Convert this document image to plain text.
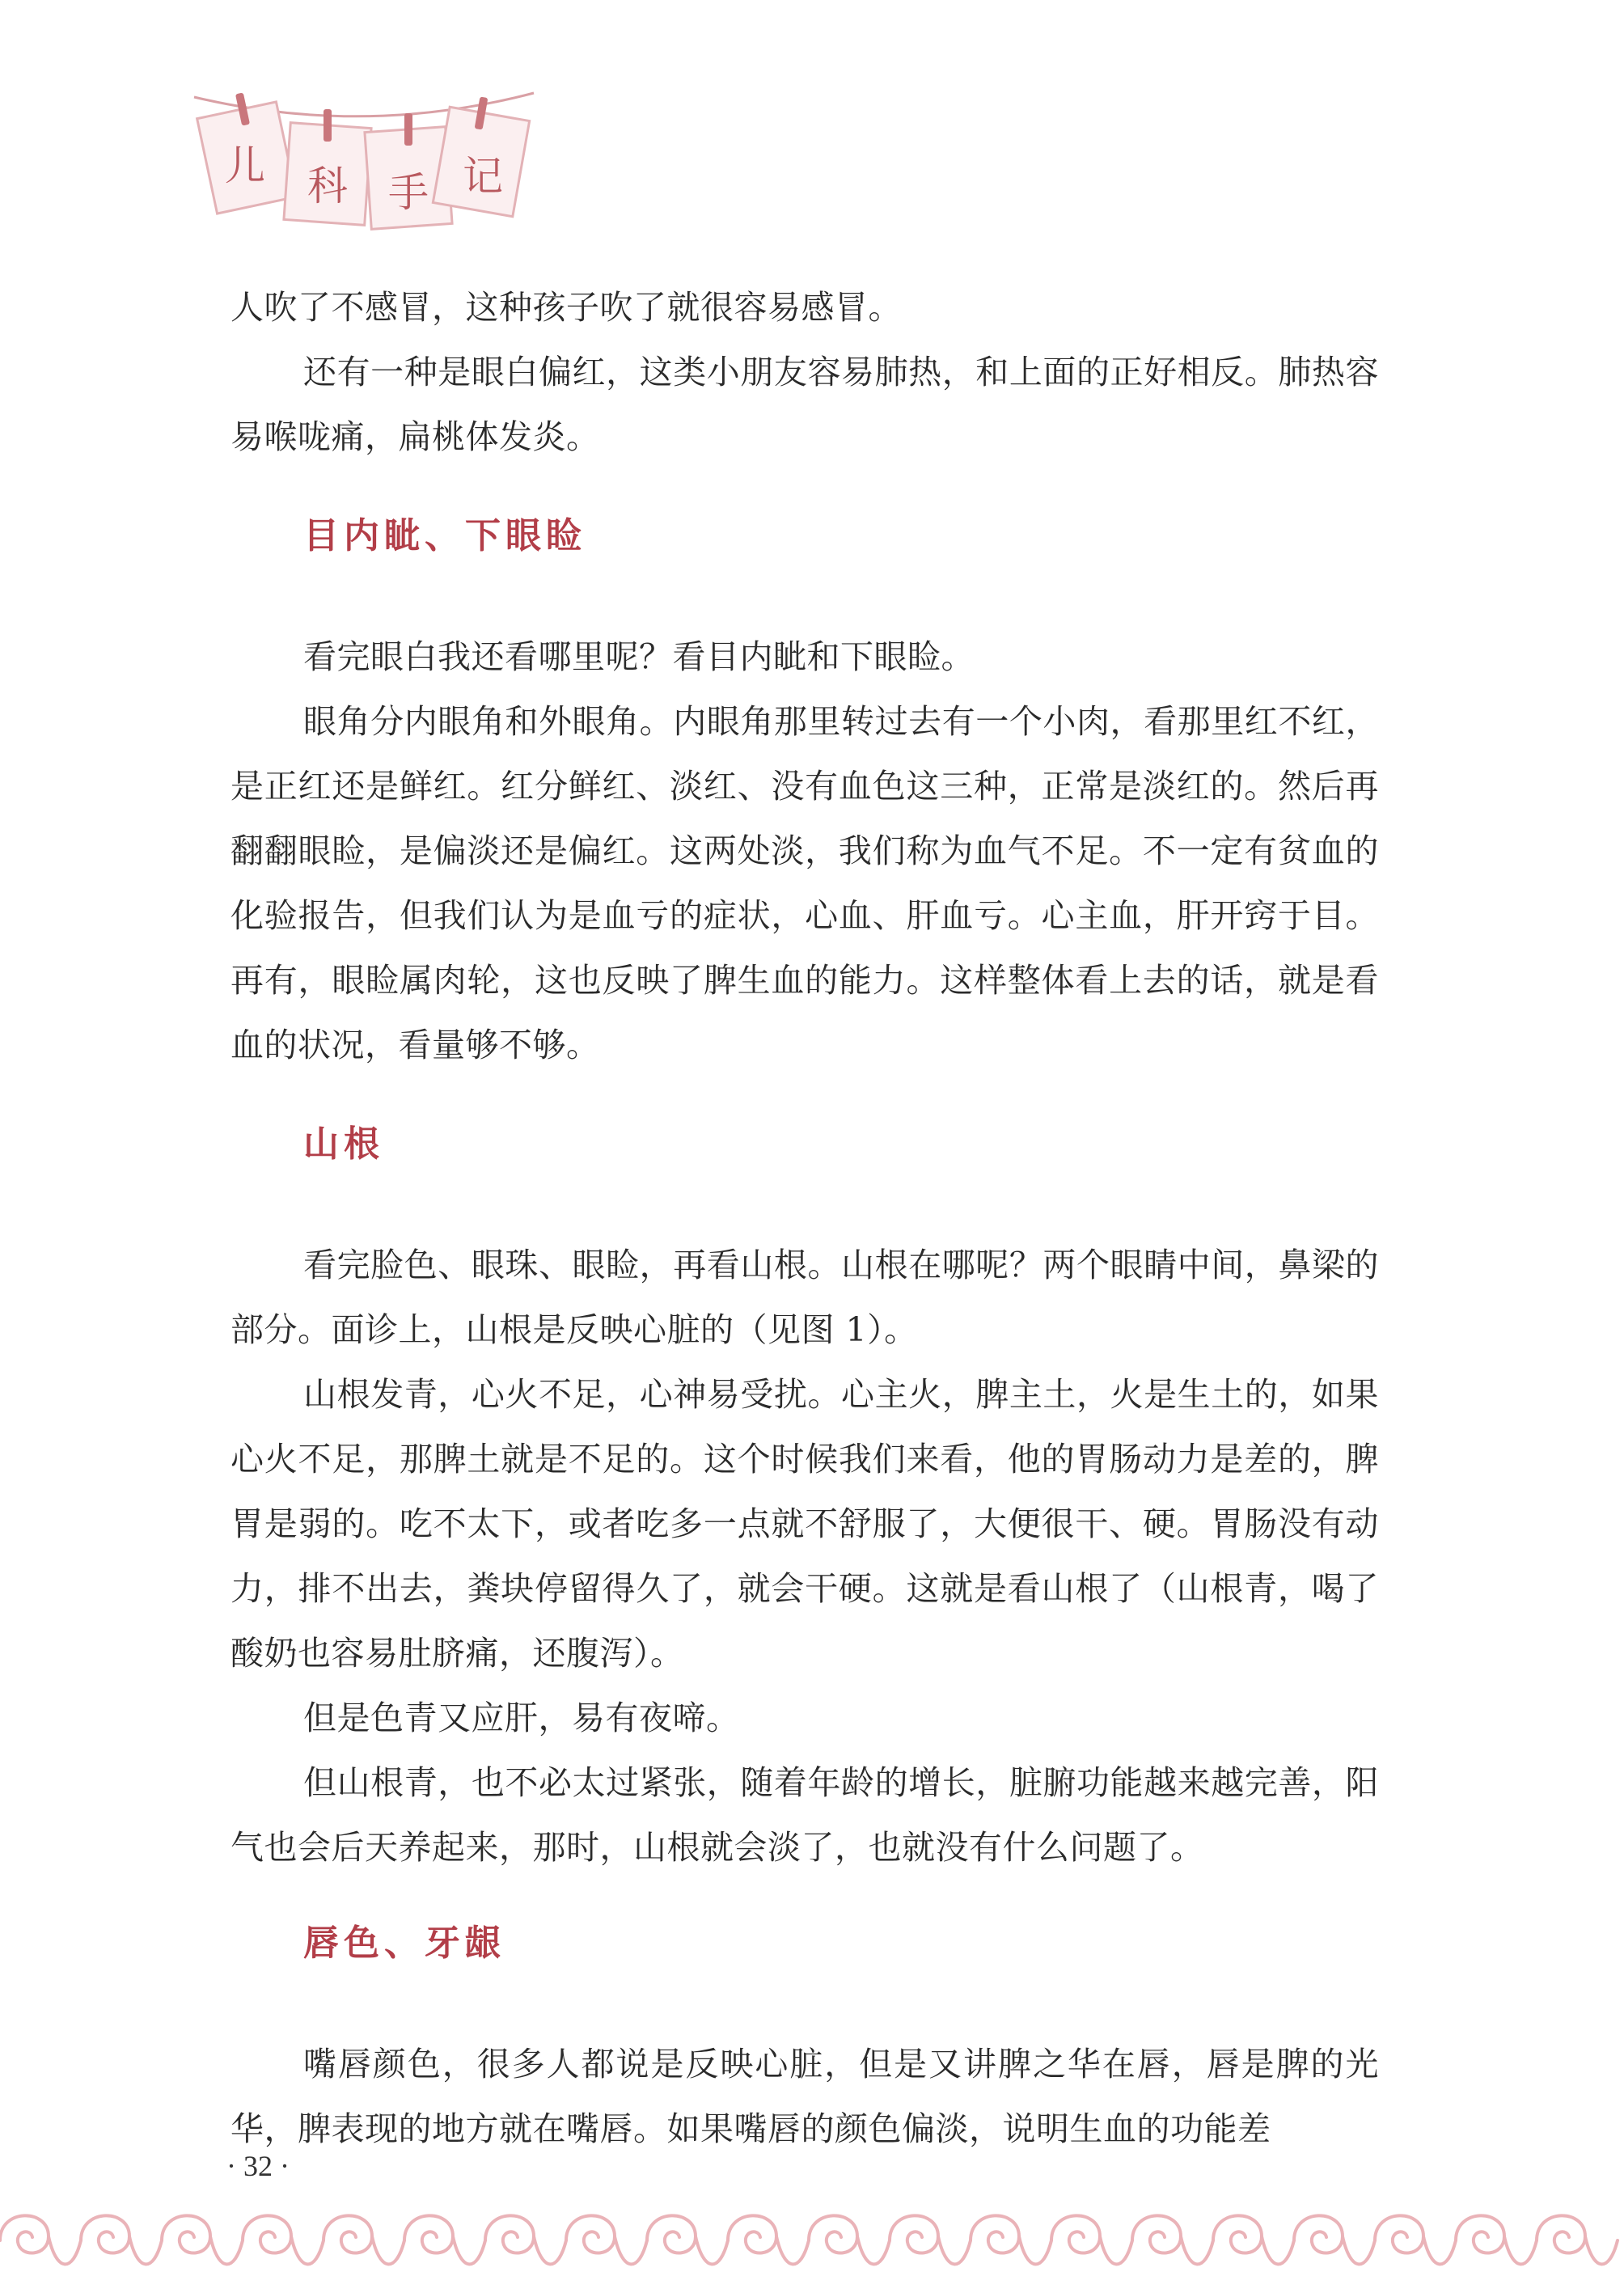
儿 科 手 记

人吹了不感冒，这种孩子吹了就很容易感冒。

还有一种是眼白偏红，这类小朋友容易肺热，和上面的正好相反。肺热容易喉咙痛，扁桃体发炎。

目内眦、下眼睑

看完眼白我还看哪里呢？看目内眦和下眼睑。

眼角分内眼角和外眼角。内眼角那里转过去有一个小肉，看那里红不红，是正红还是鲜红。红分鲜红、淡红、没有血色这三种，正常是淡红的。然后再翻翻眼睑，是偏淡还是偏红。这两处淡，我们称为血气不足。不一定有贫血的化验报告，但我们认为是血亏的症状，心血、肝血亏。心主血，肝开窍于目。再有，眼睑属肉轮，这也反映了脾生血的能力。这样整体看上去的话，就是看血的状况，看量够不够。

山根

看完脸色、眼珠、眼睑，再看山根。山根在哪呢？两个眼睛中间，鼻梁的部分。面诊上，山根是反映心脏的（见图 1）。

山根发青，心火不足，心神易受扰。心主火，脾主土，火是生土的，如果心火不足，那脾土就是不足的。这个时候我们来看，他的胃肠动力是差的，脾胃是弱的。吃不太下，或者吃多一点就不舒服了，大便很干、硬。胃肠没有动力，排不出去，粪块停留得久了，就会干硬。这就是看山根了（山根青，喝了酸奶也容易肚脐痛，还腹泻）。

但是色青又应肝，易有夜啼。

但山根青，也不必太过紧张，随着年龄的增长，脏腑功能越来越完善，阳气也会后天养起来，那时，山根就会淡了，也就没有什么问题了。

唇色、牙龈

嘴唇颜色，很多人都说是反映心脏，但是又讲脾之华在唇，唇是脾的光华，脾表现的地方就在嘴唇。如果嘴唇的颜色偏淡，说明生血的功能差

· 32 ·
